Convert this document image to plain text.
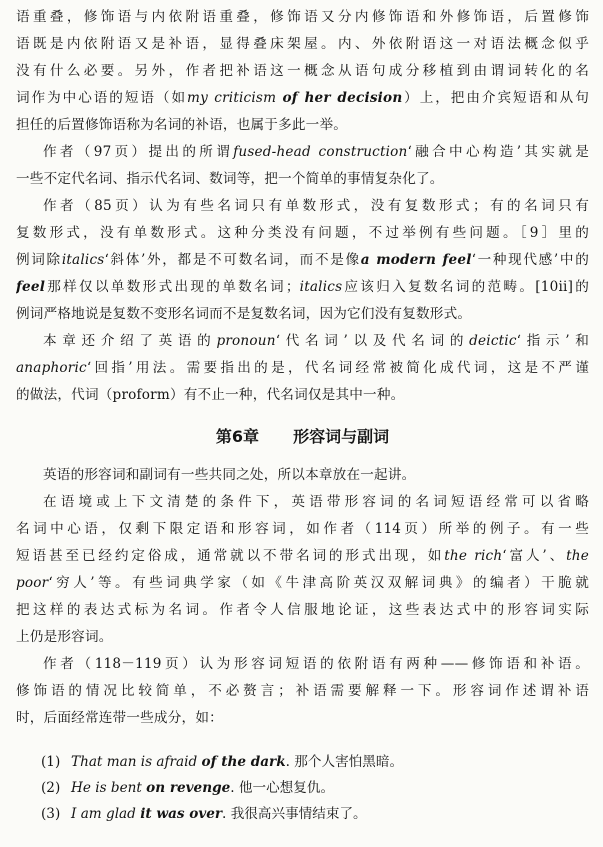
语重叠，修饰语与内依附语重叠，修饰语又分内修饰语和外修饰语，后置修饰
语既是内依附语又是补语，显得叠床架屋。内、外依附语这一对语法概念似乎
没有什么必要。另外，作者把补语这一概念从语句成分移植到由谓词转化的名
词作为中心语的短语（如my criticism of her decision）上，把由介宾短语和从句
担任的后置修饰语称为名词的补语，也属于多此一举。
作者（97页）提出的所谓fused-head construction‘融合中心构造’其实就是
一些不定代名词、指示代名词、数词等，把一个简单的事情复杂化了。
作者（85页）认为有些名词只有单数形式，没有复数形式；有的名词只有
复数形式，没有单数形式。这种分类没有问题，不过举例有些问题。［9］里的
例词除italics‘斜体’外，都是不可数名词，而不是像a modern feel‘一种现代感’中的
feel那样仅以单数形式出现的单数名词；italics应该归入复数名词的范畴。[10ii]的
例词严格地说是复数不变形名词而不是复数名词，因为它们没有复数形式。
本章还介绍了英语的pronoun‘代名词’以及代名词的deictic‘指示’和
anaphoric‘回指’用法。需要指出的是，代名词经常被简化成代词，这是不严谨
的做法，代词（proform）有不止一种，代名词仅是其中一种。
第6章 形容词与副词
英语的形容词和副词有一些共同之处，所以本章放在一起讲。
在语境或上下文清楚的条件下，英语带形容词的名词短语经常可以省略
名词中心语，仅剩下限定语和形容词，如作者（114页）所举的例子。有一些
短语甚至已经约定俗成，通常就以不带名词的形式出现，如the rich‘富人’、the
poor‘穷人’等。有些词典学家（如《牛津高阶英汉双解词典》的编者）干脆就
把这样的表达式标为名词。作者令人信服地论证，这些表达式中的形容词实际
上仍是形容词。
作者（118－119页）认为形容词短语的依附语有两种——修饰语和补语。
修饰语的情况比较简单，不必赘言；补语需要解释一下。形容词作述谓补语
时，后面经常连带一些成分，如：
(1) That man is afraid of the dark. 那个人害怕黑暗。
(2) He is bent on revenge. 他一心想复仇。
(3) I am glad it was over. 我很高兴事情结束了。
